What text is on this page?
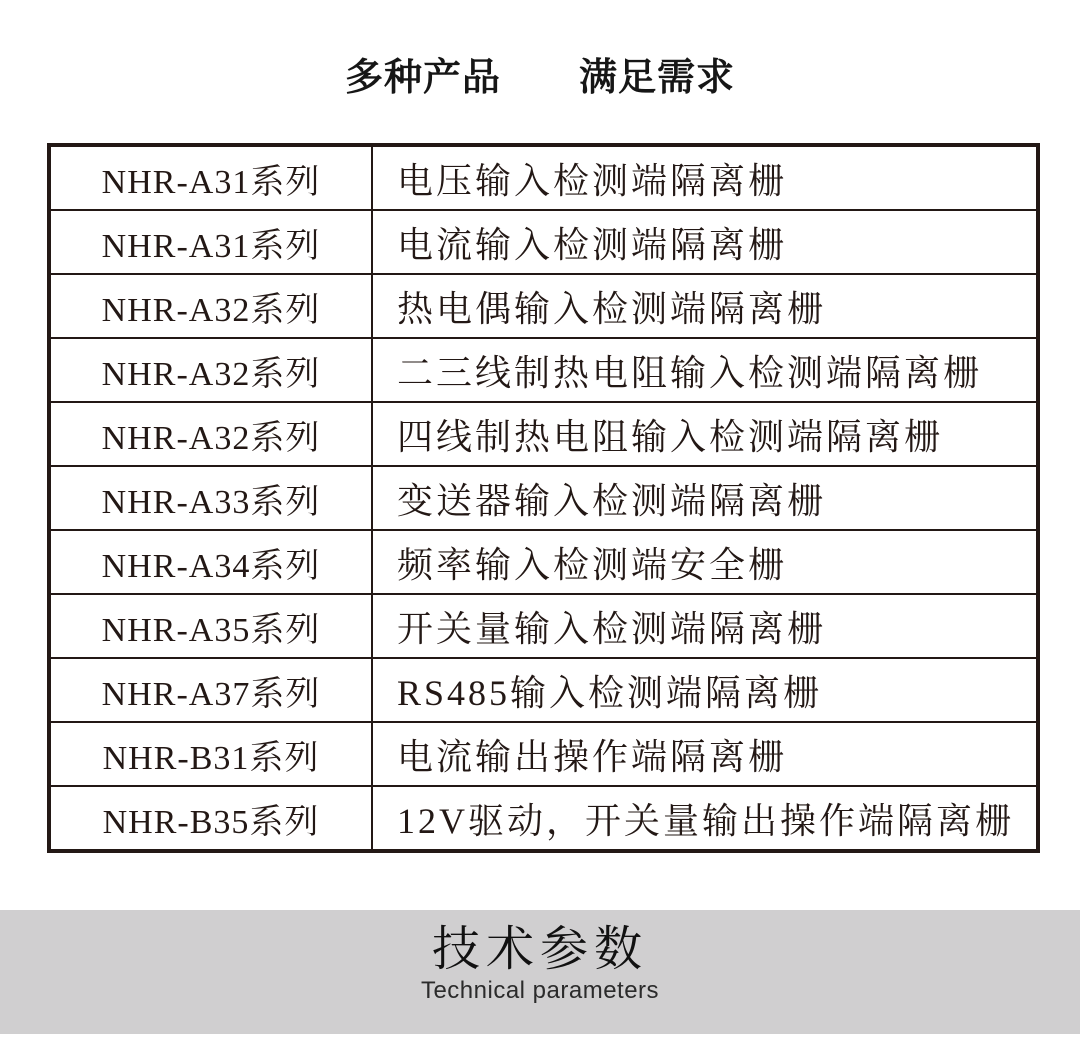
多种产品　　满足需求
NHR-A31系列	电压输入检测端隔离栅
NHR-A31系列	电流输入检测端隔离栅
NHR-A32系列	热电偶输入检测端隔离栅
NHR-A32系列	二三线制热电阻输入检测端隔离栅
NHR-A32系列	四线制热电阻输入检测端隔离栅
NHR-A33系列	变送器输入检测端隔离栅
NHR-A34系列	频率输入检测端安全栅
NHR-A35系列	开关量输入检测端隔离栅
NHR-A37系列	RS485输入检测端隔离栅
NHR-B31系列	电流输出操作端隔离栅
NHR-B35系列	12V驱动，开关量输出操作端隔离栅
技术参数
Technical parameters
